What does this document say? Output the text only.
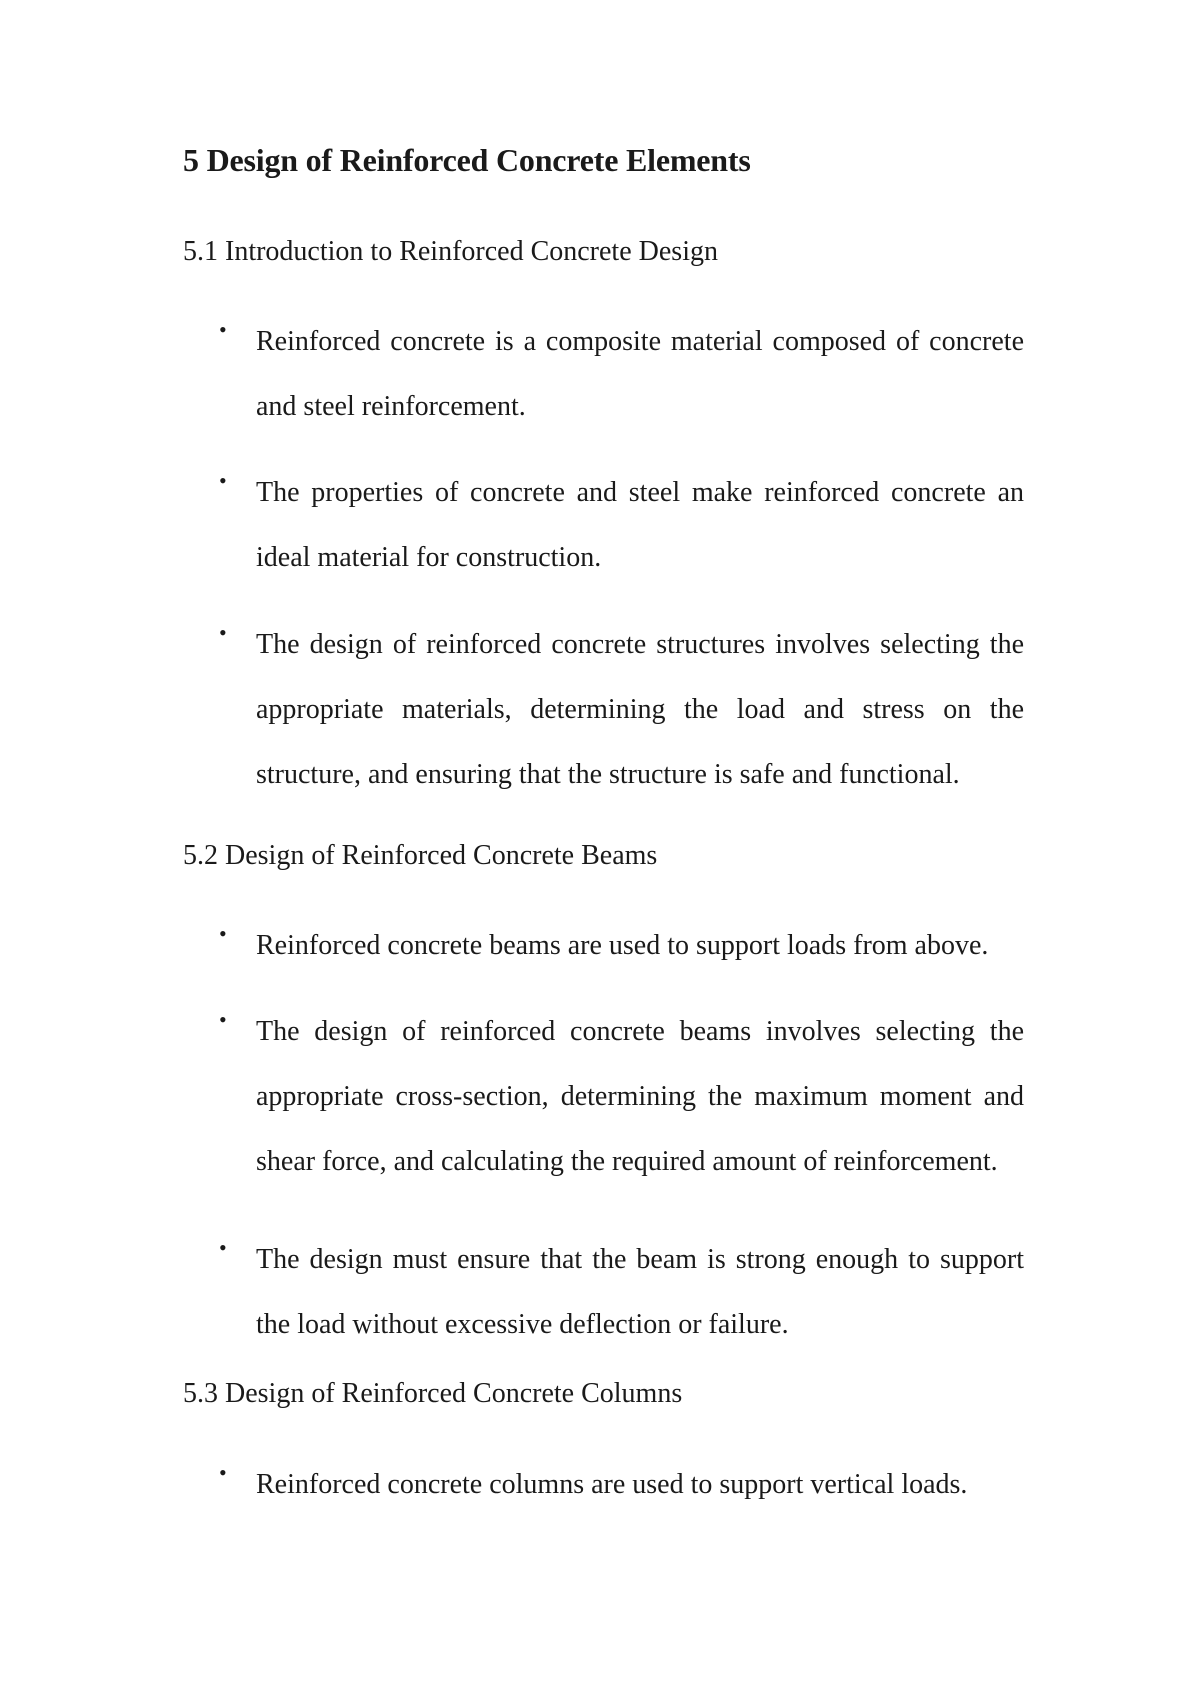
5 Design of Reinforced Concrete Elements
5.1 Introduction to Reinforced Concrete Design
• Reinforced concrete is a composite material composed of concrete and steel reinforcement.

• The properties of concrete and steel make reinforced concrete an ideal material for construction.

• The design of reinforced concrete structures involves selecting the appropriate materials, determining the load and stress on the structure, and ensuring that the structure is safe and functional.

5.2 Design of Reinforced Concrete Beams
• Reinforced concrete beams are used to support loads from above.

• The design of reinforced concrete beams involves selecting the appropriate cross-section, determining the maximum moment and shear force, and calculating the required amount of reinforcement.

• The design must ensure that the beam is strong enough to support the load without excessive deflection or failure.

5.3 Design of Reinforced Concrete Columns
• Reinforced concrete columns are used to support vertical loads.
